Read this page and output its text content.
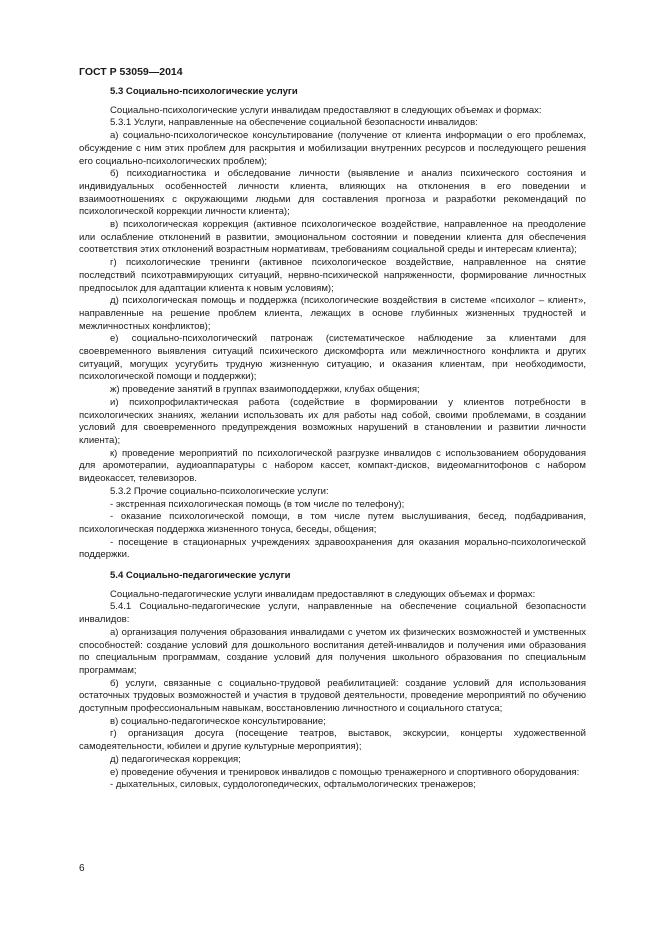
ГОСТ Р 53059—2014
5.3 Социально-психологические услуги

Социально-психологические услуги инвалидам предоставляют в следующих объемах и формах:

5.3.1 Услуги, направленные на обеспечение социальной безопасности инвалидов:

а) социально-психологическое консультирование (получение от клиента информации о его проблемах, обсуждение с ним этих проблем для раскрытия и мобилизации внутренних ресурсов и последующего решения его социально-психологических проблем);

б) психодиагностика и обследование личности (выявление и анализ психического состояния и индивидуальных особенностей личности клиента, влияющих на отклонения в его поведении и взаимоотношениях с окружающими людьми для составления прогноза и разработки рекомендаций по психологической коррекции личности клиента);

в) психологическая коррекция (активное психологическое воздействие, направленное на преодоление или ослабление отклонений в развитии, эмоциональном состоянии и поведении клиента для обеспечения соответствия этих отклонений возрастным нормативам, требованиям социальной среды и интересам клиента);

г) психологические тренинги (активное психологическое воздействие, направленное на снятие последствий психотравмирующих ситуаций, нервно-психической напряженности, формирование личностных предпосылок для адаптации клиента к новым условиям);

д) психологическая помощь и поддержка (психологические воздействия в системе «психолог – клиент», направленные на решение проблем клиента, лежащих в основе глубинных жизненных трудностей и межличностных конфликтов);

е) социально-психологический патронаж (систематическое наблюдение за клиентами для своевременного выявления ситуаций психического дискомфорта или межличностного конфликта и других ситуаций, могущих усугубить трудную жизненную ситуацию, и оказания клиентам, при необходимости, психологической помощи и поддержки);

ж) проведение занятий в группах взаимоподдержки, клубах общения;

и) психопрофилактическая работа (содействие в формировании у клиентов потребности в психологических знаниях, желании использовать их для работы над собой, своими проблемами, в создании условий для своевременного предупреждения возможных нарушений в становлении и развитии личности клиента);

к) проведение мероприятий по психологической разгрузке инвалидов с использованием оборудования для аромотерапии, аудиоаппаратуры с набором кассет, компакт-дисков, видеомагнитофонов с набором видеокассет, телевизоров.

5.3.2 Прочие социально-психологические услуги:

- экстренная психологическая помощь (в том числе по телефону);

- оказание психологической помощи, в том числе путем выслушивания, бесед, подбадривания, психологическая поддержка жизненного тонуса, беседы, общения;

- посещение в стационарных учреждениях здравоохранения для оказания морально-психологической поддержки.

5.4 Социально-педагогические услуги

Социально-педагогические услуги инвалидам предоставляют в следующих объемах и формах:

5.4.1 Социально-педагогические услуги, направленные на обеспечение социальной безопасности инвалидов:

а) организация получения образования инвалидами с учетом их физических возможностей и умственных способностей: создание условий для дошкольного воспитания детей-инвалидов и получения ими образования по специальным программам, создание условий для получения школьного образования по специальным программам;

б) услуги, связанные с социально-трудовой реабилитацией: создание условий для использования остаточных трудовых возможностей и участия в трудовой деятельности, проведение мероприятий по обучению доступным профессиональным навыкам, восстановлению личностного и социального статуса;

в) социально-педагогическое консультирование;

г) организация досуга (посещение театров, выставок, экскурсии, концерты художественной самодеятельности, юбилеи и другие культурные мероприятия);

д) педагогическая коррекция;

е) проведение обучения и тренировок инвалидов с помощью тренажерного и спортивного оборудования:

- дыхательных, силовых, сурдологопедических, офтальмологических тренажеров;

6
